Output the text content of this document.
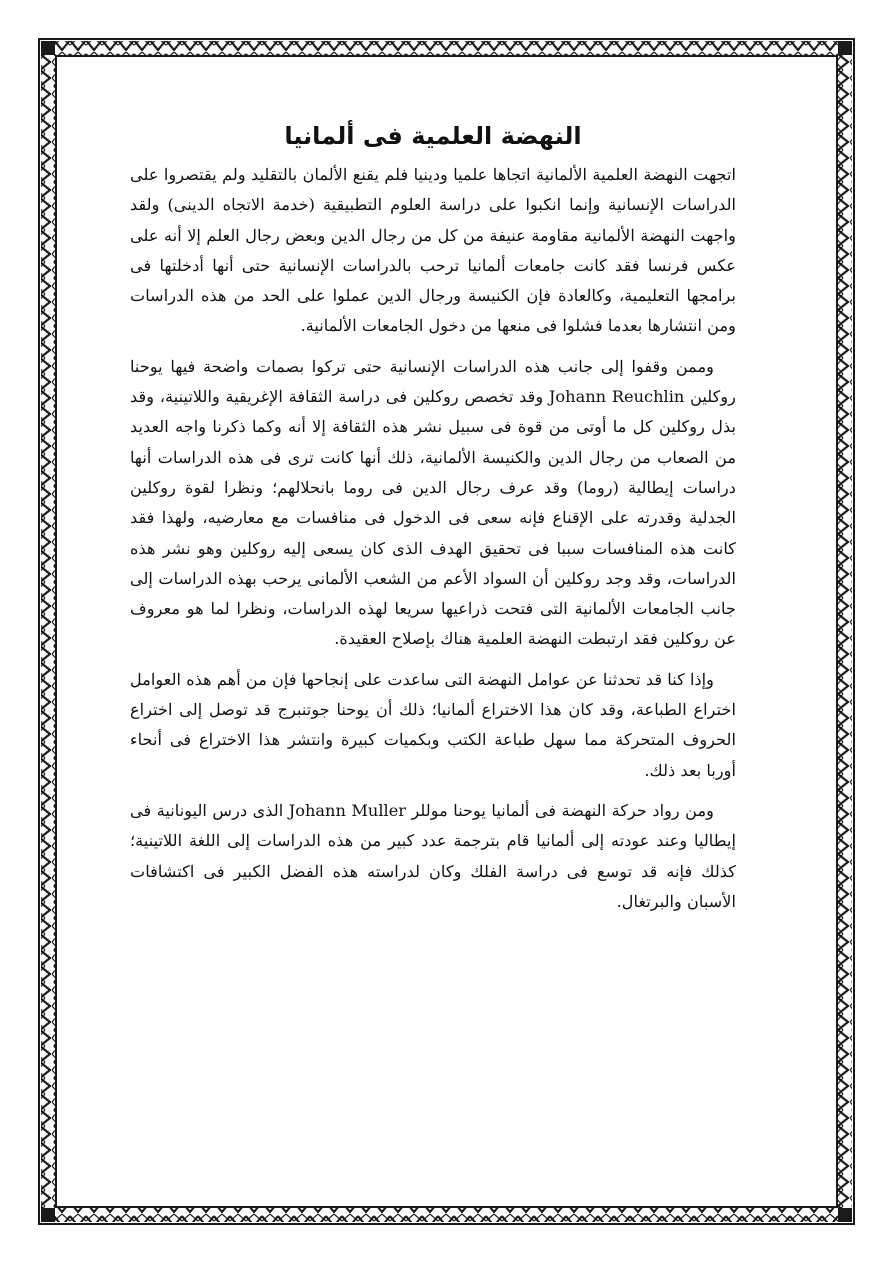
النهضة العلمية فى ألمانيا

اتجهت النهضة العلمية الألمانية اتجاها علميا ودينيا فلم يقنع الألمان بالتقليد ولم يقتصروا على الدراسات الإنسانية وإنما انكبوا على دراسة العلوم التطبيقية (خدمة الاتجاه الدينى) ولقد واجهت النهضة الألمانية مقاومة عنيفة من كل من رجال الدين وبعض رجال العلم إلا أنه على عكس فرنسا فقد كانت جامعات ألمانيا ترحب بالدراسات الإنسانية حتى أنها أدخلتها فى برامجها التعليمية، وكالعادة فإن الكنيسة ورجال الدين عملوا على الحد من هذه الدراسات ومن انتشارها بعدما فشلوا فى منعها من دخول الجامعات الألمانية.

وممن وقفوا إلى جانب هذه الدراسات الإنسانية حتى تركوا بصمات واضحة فيها يوحنا روكلين Johann Reuchlin وقد تخصص روكلين فى دراسة الثقافة الإغريقية واللاتينية، وقد بذل روكلين كل ما أوتى من قوة فى سبيل نشر هذه الثقافة إلا أنه وكما ذكرنا واجه العديد من الصعاب من رجال الدين والكنيسة الألمانية، ذلك أنها كانت ترى فى هذه الدراسات أنها دراسات إيطالية (روما) وقد عرف رجال الدين فى روما بانحلالهم؛ ونظرا لقوة روكلين الجدلية وقدرته على الإقناع فإنه سعى فى الدخول فى منافسات مع معارضيه، ولهذا فقد كانت هذه المنافسات سببا فى تحقيق الهدف الذى كان يسعى إليه روكلين وهو نشر هذه الدراسات، وقد وجد روكلين أن السواد الأعم من الشعب الألمانى يرحب بهذه الدراسات إلى جانب الجامعات الألمانية التى فتحت ذراعيها سريعا لهذه الدراسات، ونظرا لما هو معروف عن روكلين فقد ارتبطت النهضة العلمية هناك بإصلاح العقيدة.

وإذا كنا قد تحدثنا عن عوامل النهضة التى ساعدت على إنجاحها فإن من أهم هذه العوامل اختراع الطباعة، وقد كان هذا الاختراع ألمانيا؛ ذلك أن يوحنا جوتنبرج قد توصل إلى اختراع الحروف المتحركة مما سهل طباعة الكتب وبكميات كبيرة وانتشر هذا الاختراع فى أنحاء أوربا بعد ذلك.

ومن رواد حركة النهضة فى ألمانيا يوحنا موللر Johann Muller الذى درس اليونانية فى إيطاليا وعند عودته إلى ألمانيا قام بترجمة عدد كبير من هذه الدراسات إلى اللغة اللاتينية؛ كذلك فإنه قد توسع فى دراسة الفلك وكان لدراسته هذه الفضل الكبير فى اكتشافات الأسبان والبرتغال.
